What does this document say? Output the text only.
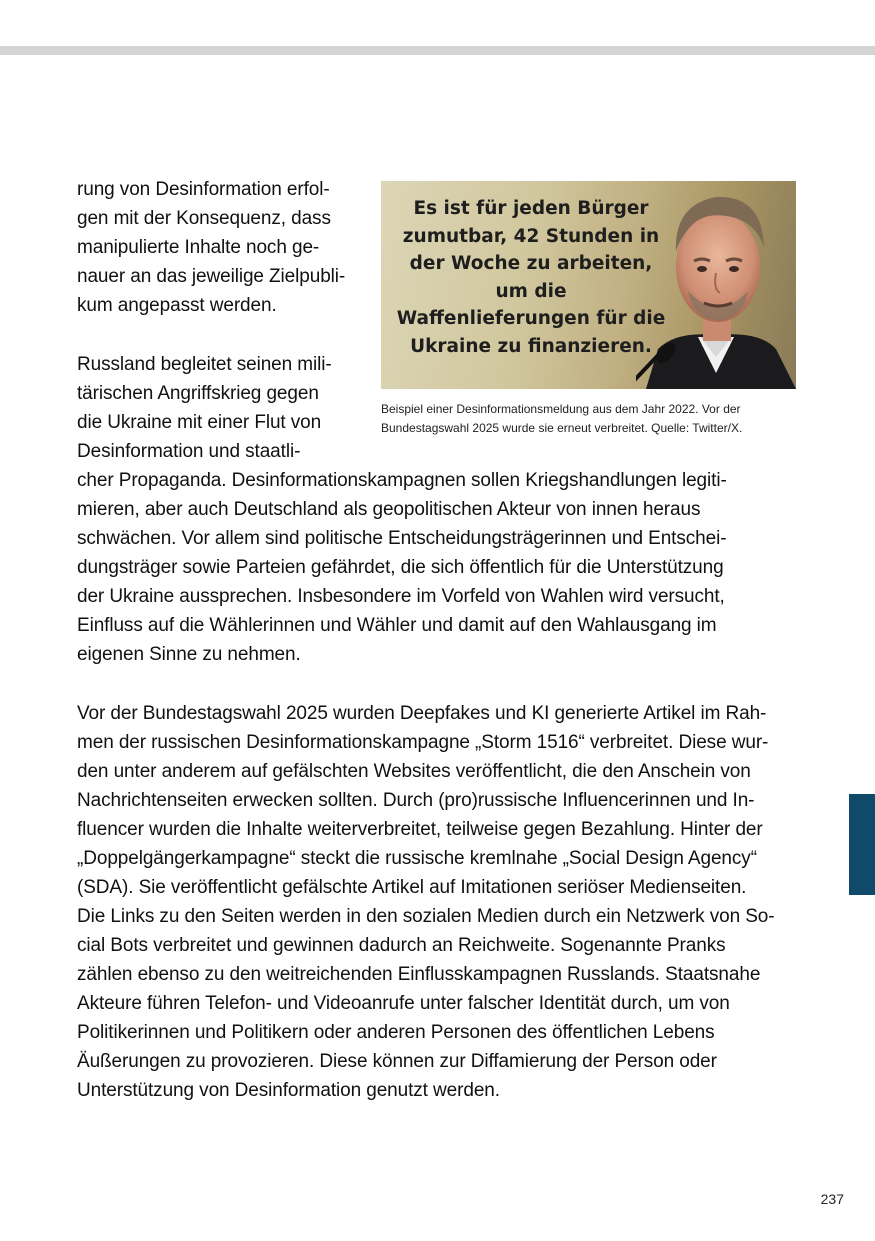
rung von Desinformation erfol-

gen mit der Konsequenz, dass

manipulierte Inhalte noch ge-

nauer an das jeweilige Zielpubli-

kum angepasst werden.

Russland begleitet seinen mili-

tärischen Angriffskrieg gegen

die Ukraine mit einer Flut von

Desinformation und staatli-

cher Propaganda. Desinformationskampagnen sollen Kriegshandlungen legiti-

mieren, aber auch Deutschland als geopolitischen Akteur von innen heraus

schwächen. Vor allem sind politische Entscheidungsträgerinnen und Entschei-

dungsträger sowie Parteien gefährdet, die sich öffentlich für die Unterstützung

der Ukraine aussprechen. Insbesondere im Vorfeld von Wahlen wird versucht,

Einfluss auf die Wählerinnen und Wähler und damit auf den Wahlausgang im

eigenen Sinne zu nehmen.

Vor der Bundestagswahl 2025 wurden Deepfakes und KI generierte Artikel im Rah-

men der russischen Desinformationskampagne „Storm 1516“ verbreitet. Diese wur-

den unter anderem auf gefälschten Websites veröffentlicht, die den Anschein von

Nachrichtenseiten erwecken sollten. Durch (pro)russische Influencerinnen und In-

fluencer wurden die Inhalte weiterverbreitet, teilweise gegen Bezahlung. Hinter der

„Doppelgängerkampagne“ steckt die russische kremlnahe „Social Design Agency“

(SDA). Sie veröffentlicht gefälschte Artikel auf Imitationen seriöser Medienseiten.

Die Links zu den Seiten werden in den sozialen Medien durch ein Netzwerk von So-

cial Bots verbreitet und gewinnen dadurch an Reichweite. Sogenannte Pranks

zählen ebenso zu den weitreichenden Einflusskampagnen Russlands. Staatsnahe

Akteure führen Telefon- und Videoanrufe unter falscher Identität durch, um von

Politikerinnen und Politikern oder anderen Personen des öffentlichen Lebens

Äußerungen zu provozieren. Diese können zur Diffamierung der Person oder

Unterstützung von Desinformation genutzt werden.

Es ist für jeden Bürger
zumutbar, 42 Stunden in
der Woche zu arbeiten,
um die
Waffenlieferungen für die
Ukraine zu finanzieren.
Beispiel einer Desinformationsmeldung aus dem Jahr 2022. Vor der
Bundestagswahl 2025 wurde sie erneut verbreitet. Quelle: Twitter/X.

237
